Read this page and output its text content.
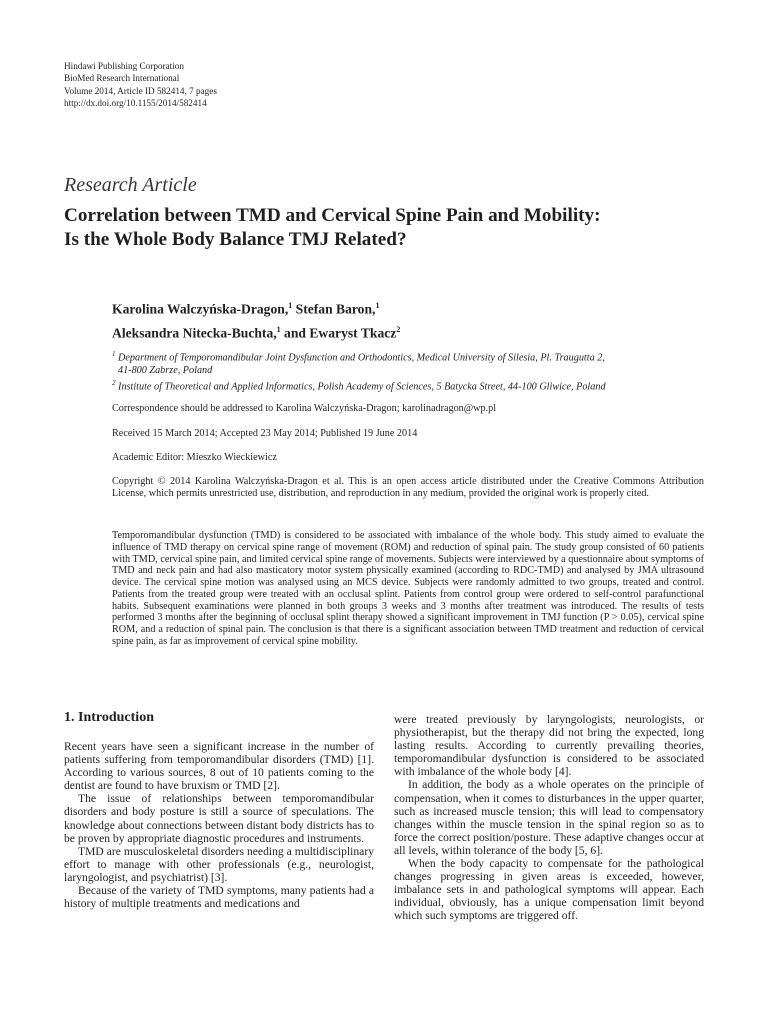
Hindawi Publishing Corporation
BioMed Research International
Volume 2014, Article ID 582414, 7 pages
http://dx.doi.org/10.1155/2014/582414
Research Article
Correlation between TMD and Cervical Spine Pain and Mobility:
Is the Whole Body Balance TMJ Related?
Karolina Walczyńska-Dragon,$^1$ Stefan Baron,$^1$
Aleksandra Nitecka-Buchta,$^1$ and Ewaryst Tkacz$^2$
$^1$ Department of Temporomandibular Joint Dysfunction and Orthodontics, Medical University of Silesia, Pl. Traugutta 2,
41-800 Zabrze, Poland
$^2$ Institute of Theoretical and Applied Informatics, Polish Academy of Sciences, 5 Batycka Street, 44-100 Gliwice, Poland
Correspondence should be addressed to Karolina Walczyńska-Dragon; karolinadragon@wp.pl
Received 15 March 2014; Accepted 23 May 2014; Published 19 June 2014
Academic Editor: Mieszko Wieckiewicz
Copyright © 2014 Karolina Walczyńska-Dragon et al. This is an open access article distributed under the Creative Commons Attribution License, which permits unrestricted use, distribution, and reproduction in any medium, provided the original work is properly cited.
Temporomandibular dysfunction (TMD) is considered to be associated with imbalance of the whole body. This study aimed to evaluate the influence of TMD therapy on cervical spine range of movement (ROM) and reduction of spinal pain. The study group consisted of 60 patients with TMD, cervical spine pain, and limited cervical spine range of movements. Subjects were interviewed by a questionnaire about symptoms of TMD and neck pain and had also masticatory motor system physically examined (according to RDC-TMD) and analysed by JMA ultrasound device. The cervical spine motion was analysed using an MCS device. Subjects were randomly admitted to two groups, treated and control. Patients from the treated group were treated with an occlusal splint. Patients from control group were ordered to self-control parafunctional habits. Subsequent examinations were planned in both groups 3 weeks and 3 months after treatment was introduced. The results of tests performed 3 months after the beginning of occlusal splint therapy showed a significant improvement in TMJ function (P > 0.05), cervical spine ROM, and a reduction of spinal pain. The conclusion is that there is a significant association between TMD treatment and reduction of cervical spine pain, as far as improvement of cervical spine mobility.
1. Introduction

Recent years have seen a significant increase in the number of patients suffering from temporomandibular disorders (TMD) [1]. According to various sources, 8 out of 10 patients coming to the dentist are found to have bruxism or TMD [2].

The issue of relationships between temporomandibular disorders and body posture is still a source of speculations. The knowledge about connections between distant body districts has to be proven by appropriate diagnostic procedures and instruments.

TMD are musculoskeletal disorders needing a multidisciplinary effort to manage with other professionals (e.g., neurologist, laryngologist, and psychiatrist) [3].

Because of the variety of TMD symptoms, many patients had a history of multiple treatments and medications and

were treated previously by laryngologists, neurologists, or physiotherapist, but the therapy did not bring the expected, long lasting results. According to currently prevailing theories, temporomandibular dysfunction is considered to be associated with imbalance of the whole body [4].

In addition, the body as a whole operates on the principle of compensation, when it comes to disturbances in the upper quarter, such as increased muscle tension; this will lead to compensatory changes within the muscle tension in the spinal region so as to force the correct position/posture. These adaptive changes occur at all levels, within tolerance of the body [5, 6].

When the body capacity to compensate for the pathological changes progressing in given areas is exceeded, however, imbalance sets in and pathological symptoms will appear. Each individual, obviously, has a unique compensation limit beyond which such symptoms are triggered off.
